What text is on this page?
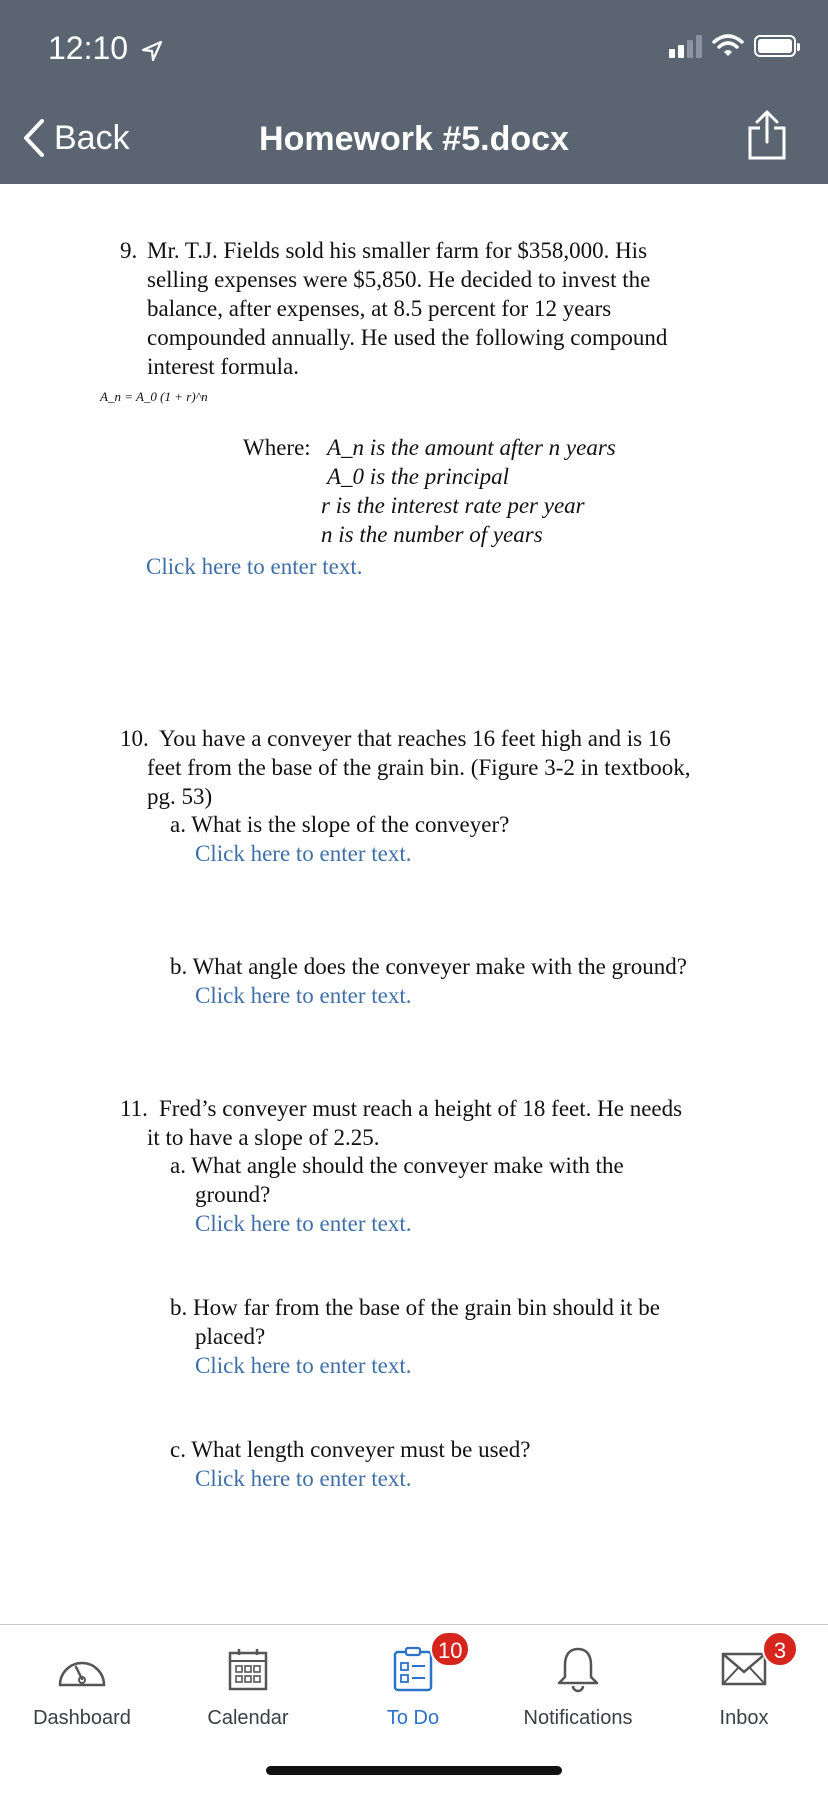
12:10
Back	Homework #5.docx
9. Mr. T.J. Fields sold his smaller farm for $358,000. His
selling expenses were $5,850. He decided to invest the
balance, after expenses, at 8.5 percent for 12 years
compounded annually. He used the following compound
interest formula.
A_n = A_0 (1 + r)^n
Where: A_n is the amount after n years
A_0 is the principal
r is the interest rate per year
n is the number of years
Click here to enter text.
10. You have a conveyer that reaches 16 feet high and is 16
feet from the base of the grain bin. (Figure 3-2 in textbook,
pg. 53)
a. What is the slope of the conveyer?
Click here to enter text.
b. What angle does the conveyer make with the ground?
Click here to enter text.
11. Fred’s conveyer must reach a height of 18 feet. He needs
it to have a slope of 2.25.
a. What angle should the conveyer make with the
ground?
Click here to enter text.
b. How far from the base of the grain bin should it be
placed?
Click here to enter text.
c. What length conveyer must be used?
Click here to enter text.
Dashboard	Calendar
10
To Do	Notifications
3
Inbox
